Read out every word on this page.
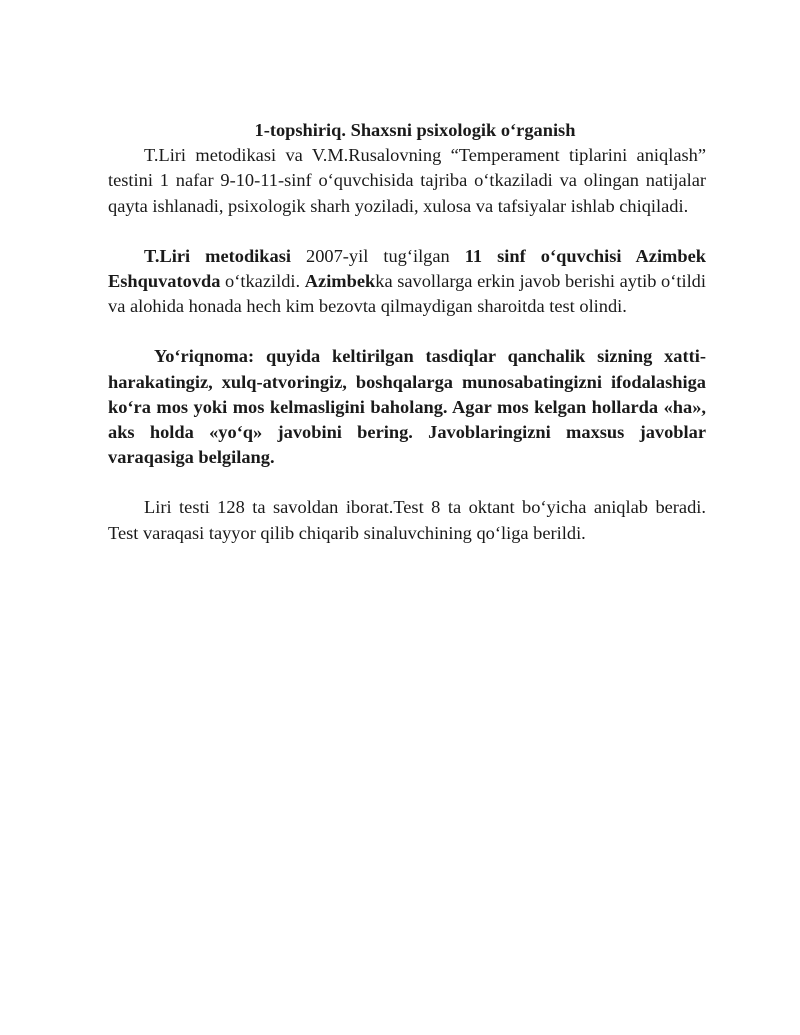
1-topshiriq. Shaxsni psixologik o‘rganish

T.Liri metodikasi va V.M.Rusalovning “Temperament tiplarini aniqlash” testini 1 nafar 9-10-11-sinf o‘quvchisida tajriba o‘tkaziladi va olingan natijalar qayta ishlanadi, psixologik sharh yoziladi, xulosa va tafsiyalar ishlab chiqiladi.

T.Liri metodikasi 2007-yil tug‘ilgan 11 sinf o‘quvchisi Azimbek Eshquvatovda o‘tkazildi. Azimbekka savollarga erkin javob berishi aytib o‘tildi va alohida honada hech kim bezovta qilmaydigan sharoitda test olindi.

Yo‘riqnoma: quyida keltirilgan tasdiqlar qanchalik sizning xatti-harakatingiz, xulq-atvoringiz, boshqalarga munosabatingizni ifodalashiga ko‘ra mos yoki mos kelmasligini baholang. Agar mos kelgan hollarda «ha», aks holda «yo‘q» javobini bering. Javoblaringizni maxsus javoblar varaqasiga belgilang.

Liri testi 128 ta savoldan iborat.Test 8 ta oktant bo‘yicha aniqlab beradi. Test varaqasi tayyor qilib chiqarib sinaluvchining qo‘liga berildi.
